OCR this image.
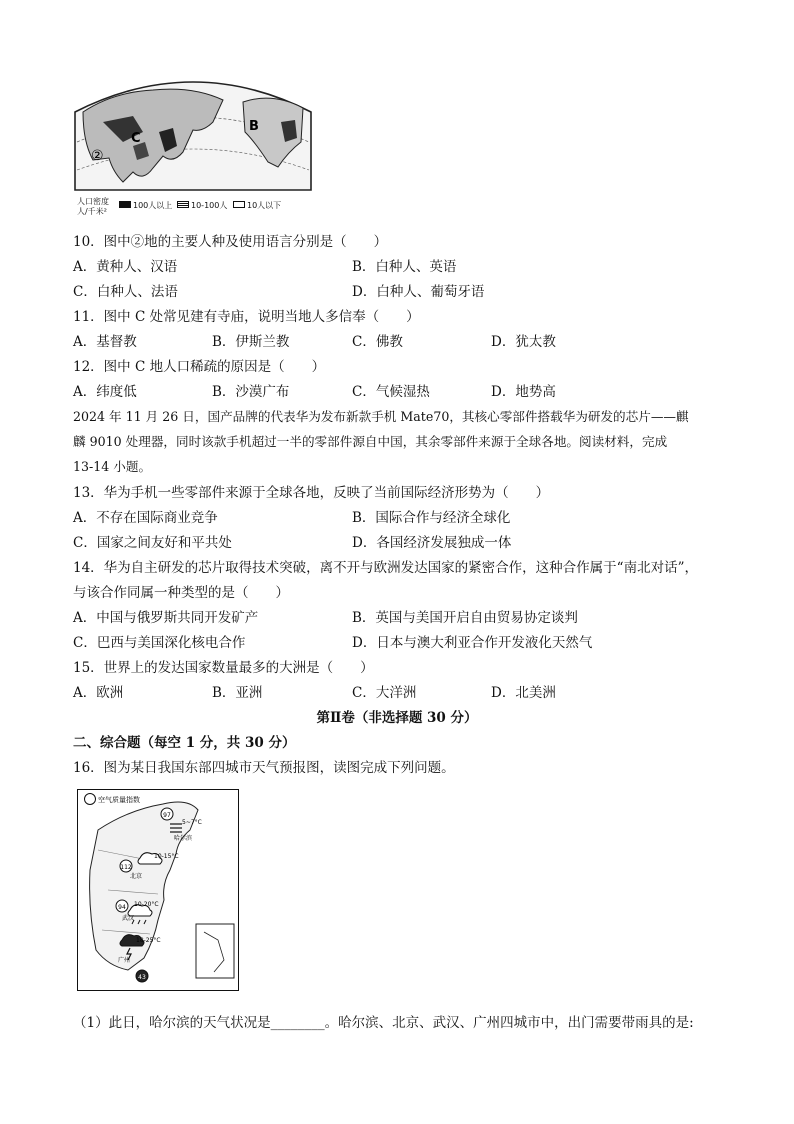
C
B
②
人口密度
人/千米²
100人以上 10-100人 10人以下
10．图中②地的主要人种及使用语言分别是（　　）
A．黄种人、汉语	B．白种人、英语
C．白种人、法语	D．白种人、葡萄牙语
11．图中 C 处常见建有寺庙，说明当地人多信奉（　　）
A．基督教	B．伊斯兰教	C．佛教	D．犹太教
12．图中 C 地人口稀疏的原因是（　　）
A．纬度低	B．沙漠广布	C．气候湿热	D．地势高
2024 年 11 月 26 日，国产品牌的代表华为发布新款手机 Mate70，其核心零部件搭载华为研发的芯片——麒
麟 9010 处理器，同时该款手机超过一半的零部件源自中国，其余零部件来源于全球各地。阅读材料，完成
13-14 小题。
13．华为手机一些零部件来源于全球各地，反映了当前国际经济形势为（　　）
A．不存在国际商业竞争	B．国际合作与经济全球化
C．国家之间友好和平共处	D．各国经济发展独成一体
14．华为自主研发的芯片取得技术突破，离不开与欧洲发达国家的紧密合作，这种合作属于“南北对话”，
与该合作同属一种类型的是（　　）
A．中国与俄罗斯共同开发矿产	B．英国与美国开启自由贸易协定谈判
C．巴西与美国深化核电合作	D．日本与澳大利亚合作开发液化天然气
15．世界上的发达国家数量最多的大洲是（　　）
A．欧洲	B．亚洲	C．大洋洲	D．北美洲
第Ⅱ卷（非选择题 30 分）
二、综合题（每空 1 分，共 30 分）
16．图为某日我国东部四城市天气预报图，读图完成下列问题。
97
112
94
43
空气质量指数
5~7°C
10-15°C
10-20°C
18-25°C
哈尔滨
北京
武汉
广州
（1）此日，哈尔滨的天气状况是________。哈尔滨、北京、武汉、广州四城市中，出门需要带雨具的是:
